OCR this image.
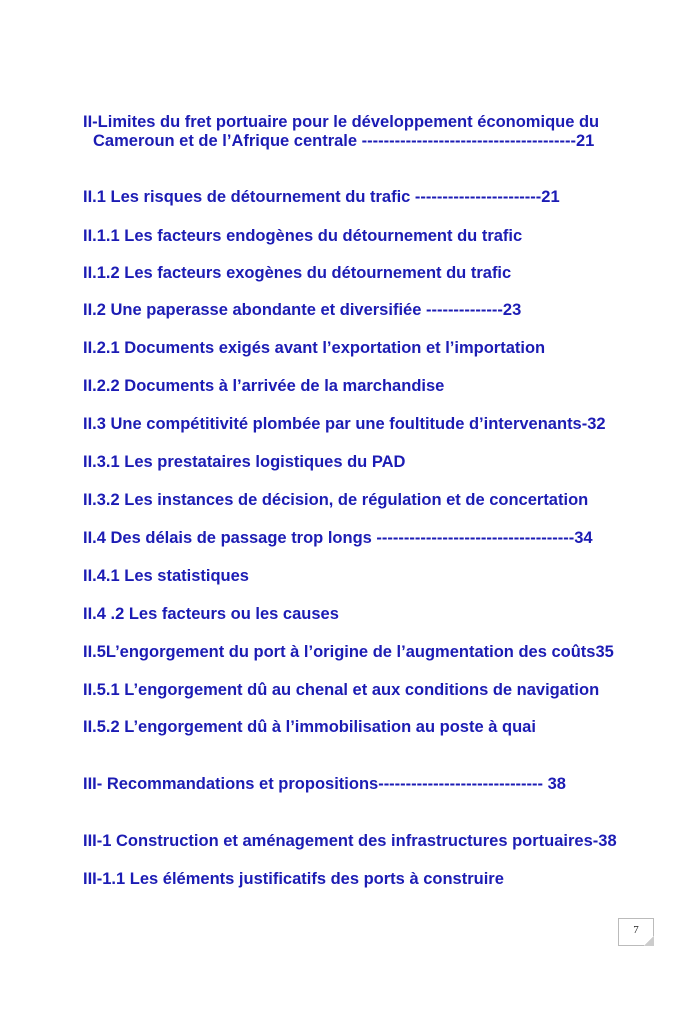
II-Limites du fret portuaire pour le développement économique du
Cameroun et de l’Afrique centrale ---------------------------------------21
II.1 Les risques de détournement du trafic -----------------------21
II.1.1 Les facteurs endogènes du détournement du trafic
II.1.2 Les facteurs exogènes du détournement du trafic
II.2 Une paperasse abondante et diversifiée --------------23
II.2.1 Documents exigés avant l’exportation et l’importation
II.2.2 Documents à l’arrivée de la marchandise
II.3 Une compétitivité plombée par une foultitude d’intervenants-32
II.3.1 Les prestataires logistiques du PAD
II.3.2 Les instances de décision, de régulation et de concertation
II.4 Des délais de passage trop longs ------------------------------------34
II.4.1 Les statistiques
II.4 .2 Les facteurs ou les causes
II.5L’engorgement du port à l’origine de l’augmentation des coûts35
II.5.1 L’engorgement dû au chenal et aux conditions de navigation
II.5.2 L’engorgement dû à l’immobilisation au poste à quai
III- Recommandations et propositions------------------------------ 38
III-1 Construction et aménagement des infrastructures portuaires-38
III-1.1 Les éléments justificatifs des ports à construire
7
